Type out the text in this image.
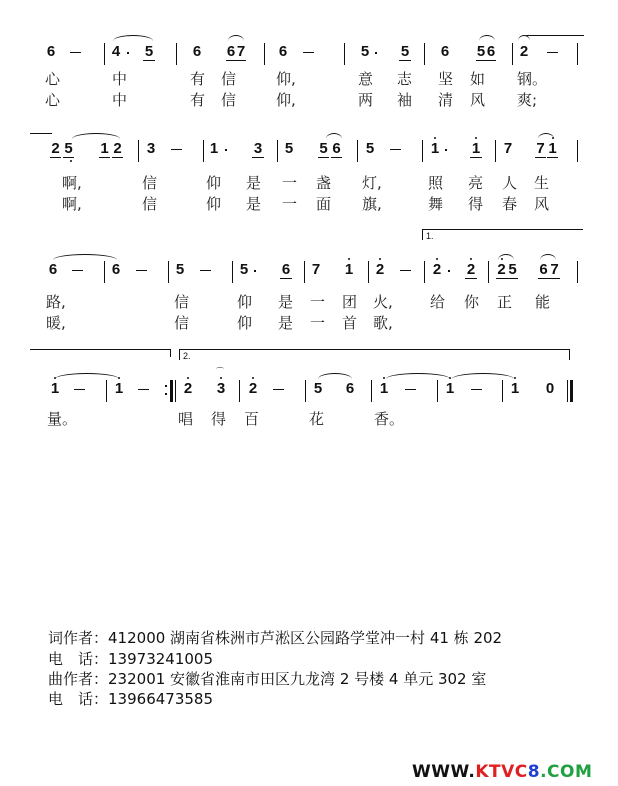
6	4 5	6 6 7 6	5 5 6 5 6 2
心	中	有 信	仰,	意 志 坚 如 钢。
心	中	有 信	仰,	两 袖 清 风 爽;
2 5 1 2 3	1 3 5 5 6 5	1 1 7 7 1
啊,	信	仰 是 一 盏 灯,	照 亮 人 生
啊,	信	仰 是 一 面 旗,	舞 得 春 风
1.
6	6	5	5 6 7 1 2	2 2 2 5 6 7
路,	信	仰 是 一 团 火, 给 你 正 能
暖,	信	仰 是 一 首 歌,
2.
1	1	2 3
⌒
2	5 6 1	1	1 0
量。	唱 得 百	花	香。
词作者：412000 湖南省株洲市芦淞区公园路学堂冲一村 41 栋 202
电　话：13973241005
曲作者：232001 安徽省淮南市田区九龙湾 2 号楼 4 单元 302 室
电　话：13966473585
WWW.KTVC8.COM
